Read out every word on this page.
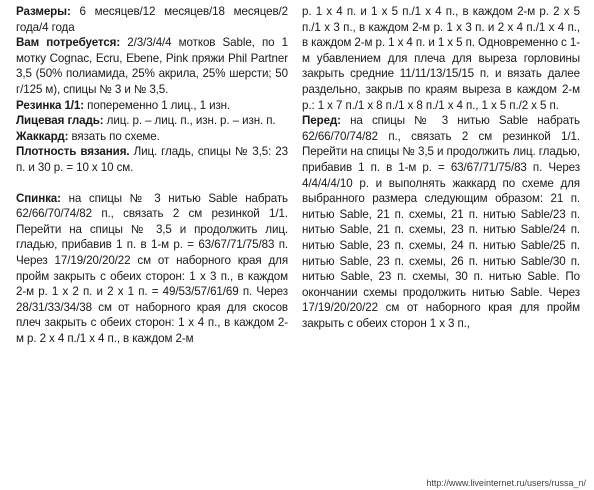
Размеры: 6 месяцев/12 месяцев/18 месяцев/2 года/4 года

Вам потребуется: 2/3/3/4/4 мотков Sable, по 1 мотку Cognac, Ecru, Ebene, Pink пряжи Phil Partner 3,5 (50% полиамида, 25% акрила, 25% шерсти; 50 г/125 м), спицы № 3 и № 3,5.

Резинка 1/1: попеременно 1 лиц., 1 изн.

Лицевая гладь: лиц. р. – лиц. п., изн. р. – изн. п.

Жаккард: вязать по схеме.

Плотность вязания. Лиц. гладь, спицы № 3,5: 23 п. и 30 р. = 10 х 10 см.

Спинка: на спицы № 3 нитью Sable набрать 62/66/70/74/82 п., связать 2 см резинкой 1/1. Перейти на спицы № 3,5 и продолжить лиц. гладью, прибавив 1 п. в 1-м р. = 63/67/71/75/83 п. Через 17/19/20/20/22 см от наборного края для пройм закрыть с обеих сторон: 1 х 3 п., в каждом 2-м р. 1 х 2 п. и 2 х 1 п. = 49/53/57/61/69 п. Через 28/31/33/34/38 см от наборного края для скосов плеч закрыть с обеих сторон: 1 х 4 п., в каждом 2-м р. 2 х 4 п./1 х 4 п., в каждом 2-м

р. 1 х 4 п. и 1 х 5 п./1 х 4 п., в каждом 2-м р. 2 х 5 п./1 х 3 п., в каждом 2-м р. 1 х 3 п. и 2 х 4 п./1 х 4 п., в каждом 2-м р. 1 х 4 п. и 1 х 5 п. Одновременно с 1-м убавлением для плеча для выреза горловины закрыть средние 11/11/13/15/15 п. и вязать далее раздельно, закрыв по краям выреза в каждом 2-м р.: 1 х 7 п./1 х 8 п./1 х 8 п./1 х 4 п., 1 х 5 п./2 х 5 п.

Перед: на спицы № 3 нитью Sable набрать 62/66/70/74/82 п., связать 2 см резинкой 1/1. Перейти на спицы № 3,5 и продолжить лиц. гладью, прибавив 1 п. в 1-м р. = 63/67/71/75/83 п. Через 4/4/4/4/10 р. и выполнять жаккард по схеме для выбранного размера следующим образом: 21 п. нитью Sable, 21 п. схемы, 21 п. нитью Sable/23 п. нитью Sable, 21 п. схемы, 23 п. нитью Sable/24 п. нитью Sable, 23 п. схемы, 24 п. нитью Sable/25 п. нитью Sable, 23 п. схемы, 26 п. нитью Sable/30 п. нитью Sable, 23 п. схемы, 30 п. нитью Sable. По окончании схемы продолжить нитью Sable. Через 17/19/20/20/22 см от наборного края для пройм закрыть с обеих сторон 1 х 3 п.,

http://www.liveinternet.ru/users/russa_n/
